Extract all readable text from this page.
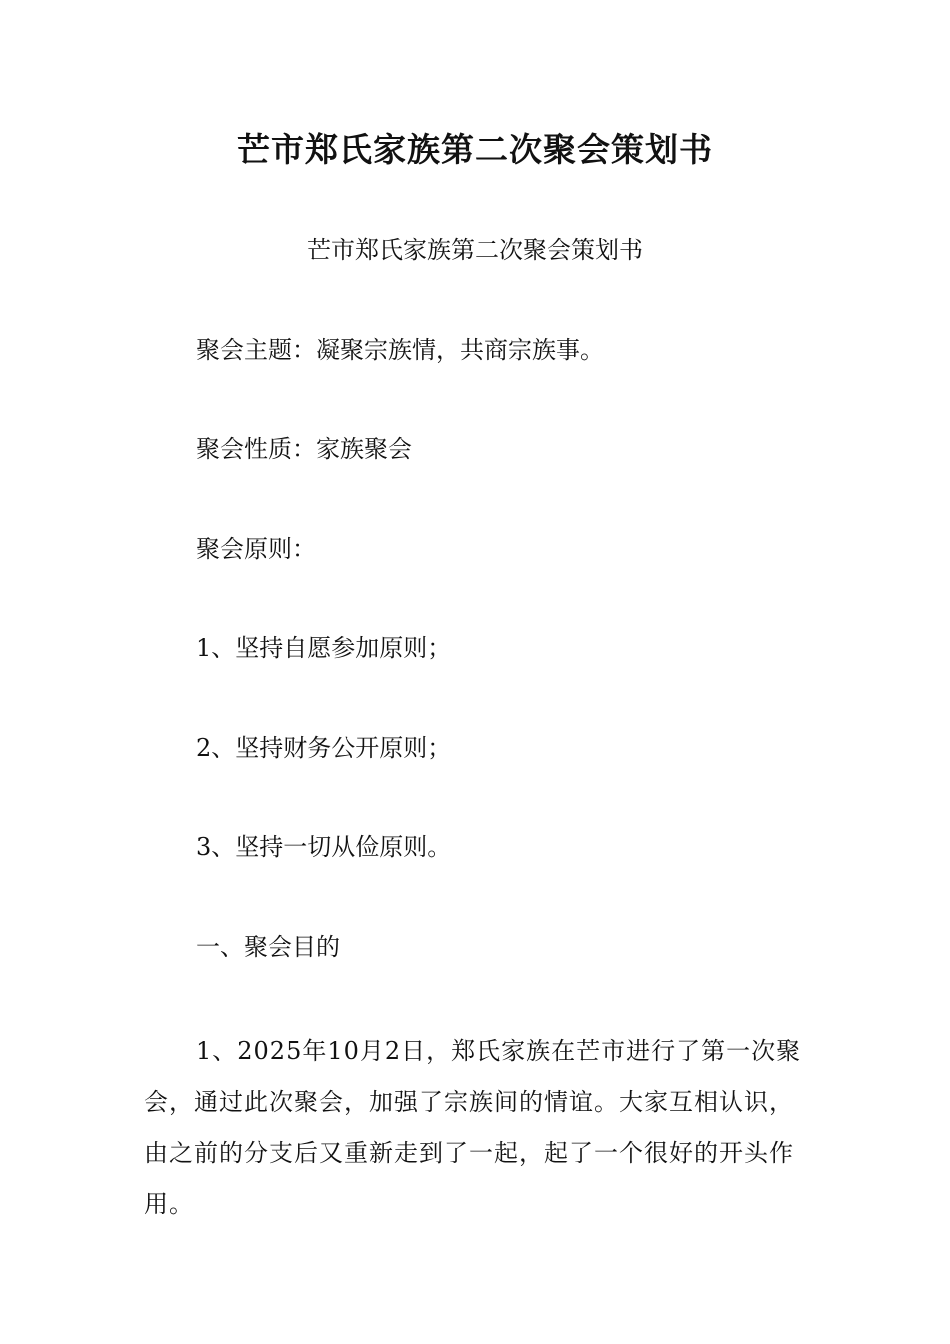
芒市郑氏家族第二次聚会策划书
芒市郑氏家族第二次聚会策划书
聚会主题：凝聚宗族情，共商宗族事。
聚会性质：家族聚会
聚会原则：
1、坚持自愿参加原则；
2、坚持财务公开原则；
3、坚持一切从俭原则。
一、聚会目的
1、2025年10月2日，郑氏家族在芒市进行了第一次聚会，通过此次聚会，加强了宗族间的情谊。大家互相认识，由之前的分支后又重新走到了一起，起了一个很好的开头作用。
